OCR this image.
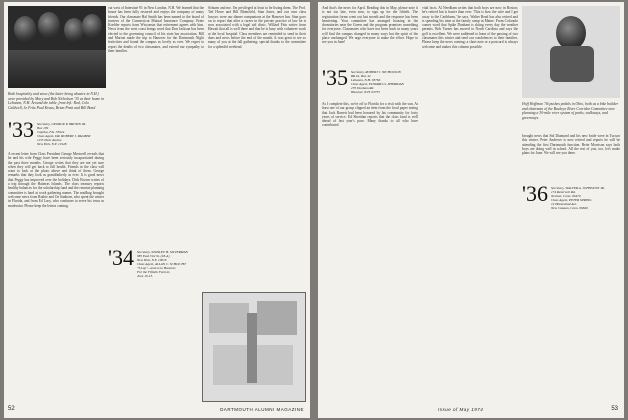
Both hospitality and snow (the latter being abusive in N.H.) were provided by Mary and Bob Nicholson '35 at their home in Lebanon, N.H. Around the table, from left: Rod, Colo Caldwell, Jo Fritz Paul Kraus, Brian Pratt and Bill Bond
'33 Secretary, GEORGE P. BROWN JR.
Box 109
Captiva, Fla. 33924
Class Agent, DR. ROBERT J. PALMER
1155 Park Avenue
New York, N.Y. 10128

A recent letter from Class President George Mestwell reveals that he and his wife Peggy have been seriously incapacitated during the past three months. George writes that they are not yet sure when they will get back to full health. Friends in the class will want to look at the photo above and think of them. George remarks that they look as grandfatherly as ever. It is good news that Peggy has improved over the holidays. Dick Brown writes of a trip through the Hatteras Islands. The class treasury reports healthy balances for the scholarship fund and the reunion planning committee is hard at work gathering names. The mailbag brought welcome news from Ruthie and Oz Sanborn, who spent the winter in Florida, and from Ed Lucy, who continues to serve his town as moderator. Please keep the letters coming.

cut west of Interstate 91 in New London, N.H. We learned that the house has been fully restored and enjoys the company of many friends. Our classmate Hal Smith has been named to the board of trustees of the Connecticut Mutual Insurance Company. Ernie Koehler reports from Wisconsin that retirement agrees with him. News from the west coast brings word that Don Jackson has been elected to the governing council of his state bar association. Bill and Marion made the trip to Hanover for the Dartmouth Night festivities and found the campus as lovely as ever. We regret to report the deaths of two classmates, and extend our sympathy to their families.

Schurm and me. I'm privileged at least to be listing them. The Prof. Ted Howe and Bill Blomfield, Stan Jones, and our own class lawyer, were our dinner companions at the Hanover Inn. Stan goes on to report that after a career in the private practice of law he is now associated with a legal aid clinic. Willard Fitts writes from Hawaii that all is well there and that he is busy with volunteer work at the local hospital. Class members are reminded to send in their dues and news before the end of the month. It was great to see so many of you at the fall gathering; special thanks to the committee for a splendid weekend.

'34 Secretary, STANLEY H. SILVERMAN
385 East 31st St. (18-A)
New York, N.Y. 10016
Class Agent, ALLAN C. SCHLICHT
"34 up"—and so to Hanover,
For the Fiftieth Forever,
June 10-13.
52	DARTMOUTH ALUMNI MAGAZINE

And that's the news for April. Reading this in May, please note it is not too late, even now, to sign up for the fiftieth. The registration forms went out last month and the response has been heartening. Your committee has arranged housing in the dormitories near the Green and the program promises something for everyone. Classmates who have not been back in many years will find the campus changed in many ways but the spirit of the place unchanged. We urge everyone to make the effort. Hope to see you in June!

'35 Secretary, ROBERT J. NICHOLSON
RR #1, Box 42
Lebanon, N.H. 03766
Class Agent, EDWARD G. SHERIDAN
270 Dunham Rd.
Hanover, N.H. 03755

As I complete this, we're off to Florida for a visit with the sun. At least one of our group clipped an item from the local paper noting that Jack Barrett had been honored by his community for forty years of service. Ed Sheridan reports that the class fund is well ahead of last year's pace. Many thanks to all who have contributed.

vital facts. Al Needham writes that both boys are now in Boston; he's retired but is busier than ever. 'This is how the wife and I get away to the Caribbean,' he says. Walter Read has also retired and is spending his time at the family camp in Maine. From Colorado comes word that Spike Dunham is skiing every day the weather permits. Bob Turner has moved to North Carolina and says the golf is excellent. We were saddened to learn of the passing of two classmates this winter and send our condolences to their families. Please keep the news coming; a short note or a postcard is always welcome and makes this column possible.

Hoff Hoffman '36 pushes pedals in Ohio, both as a bike builder and chairman of the Buckeye River Corridor Committee now planning a 30-mile river system of parks, walkways, and greenways.

brought news that Sid Diamond and his new bride were in Tucson this winter. Peter Andrews is now retired and reports he will be attending the first Dartmouth function. Bette Morrison says both boys are doing well in school. All the rest of you, too, let's make plans for June. We will see you there.

'36 Secretary, WALTER A. JOHNSTON JR.
174 Reservoir Rd.
Newton, Conn. 06470
Class Agent, PETER SPRING
14 Homestead Ave.
New Canaan, Conn. 06840
Issue of May 1974	53
